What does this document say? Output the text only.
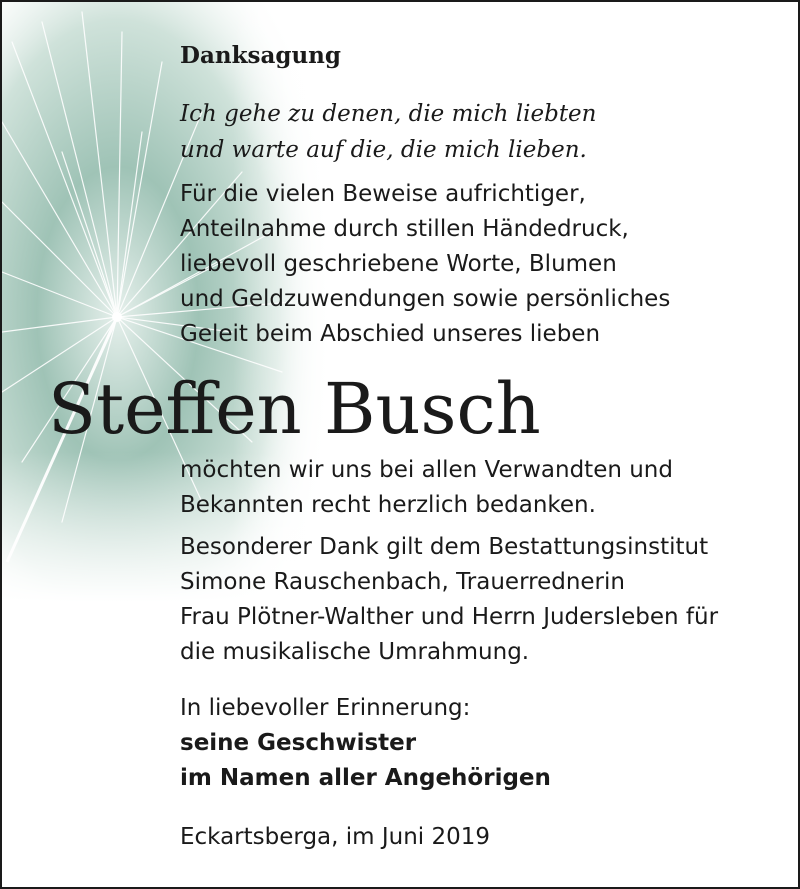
Danksagung
Ich gehe zu denen, die mich liebten
und warte auf die, die mich lieben.
Für die vielen Beweise aufrichtiger,
Anteilnahme durch stillen Händedruck,
liebevoll geschriebene Worte, Blumen
und Geldzuwendungen sowie persönliches
Geleit beim Abschied unseres lieben
Steffen Busch
möchten wir uns bei allen Verwandten und
Bekannten recht herzlich bedanken.
Besonderer Dank gilt dem Bestattungsinstitut
Simone Rauschenbach, Trauerrednerin
Frau Plötner-Walther und Herrn Judersleben für
die musikalische Umrahmung.
In liebevoller Erinnerung:
seine Geschwister
im Namen aller Angehörigen
Eckartsberga, im Juni 2019
